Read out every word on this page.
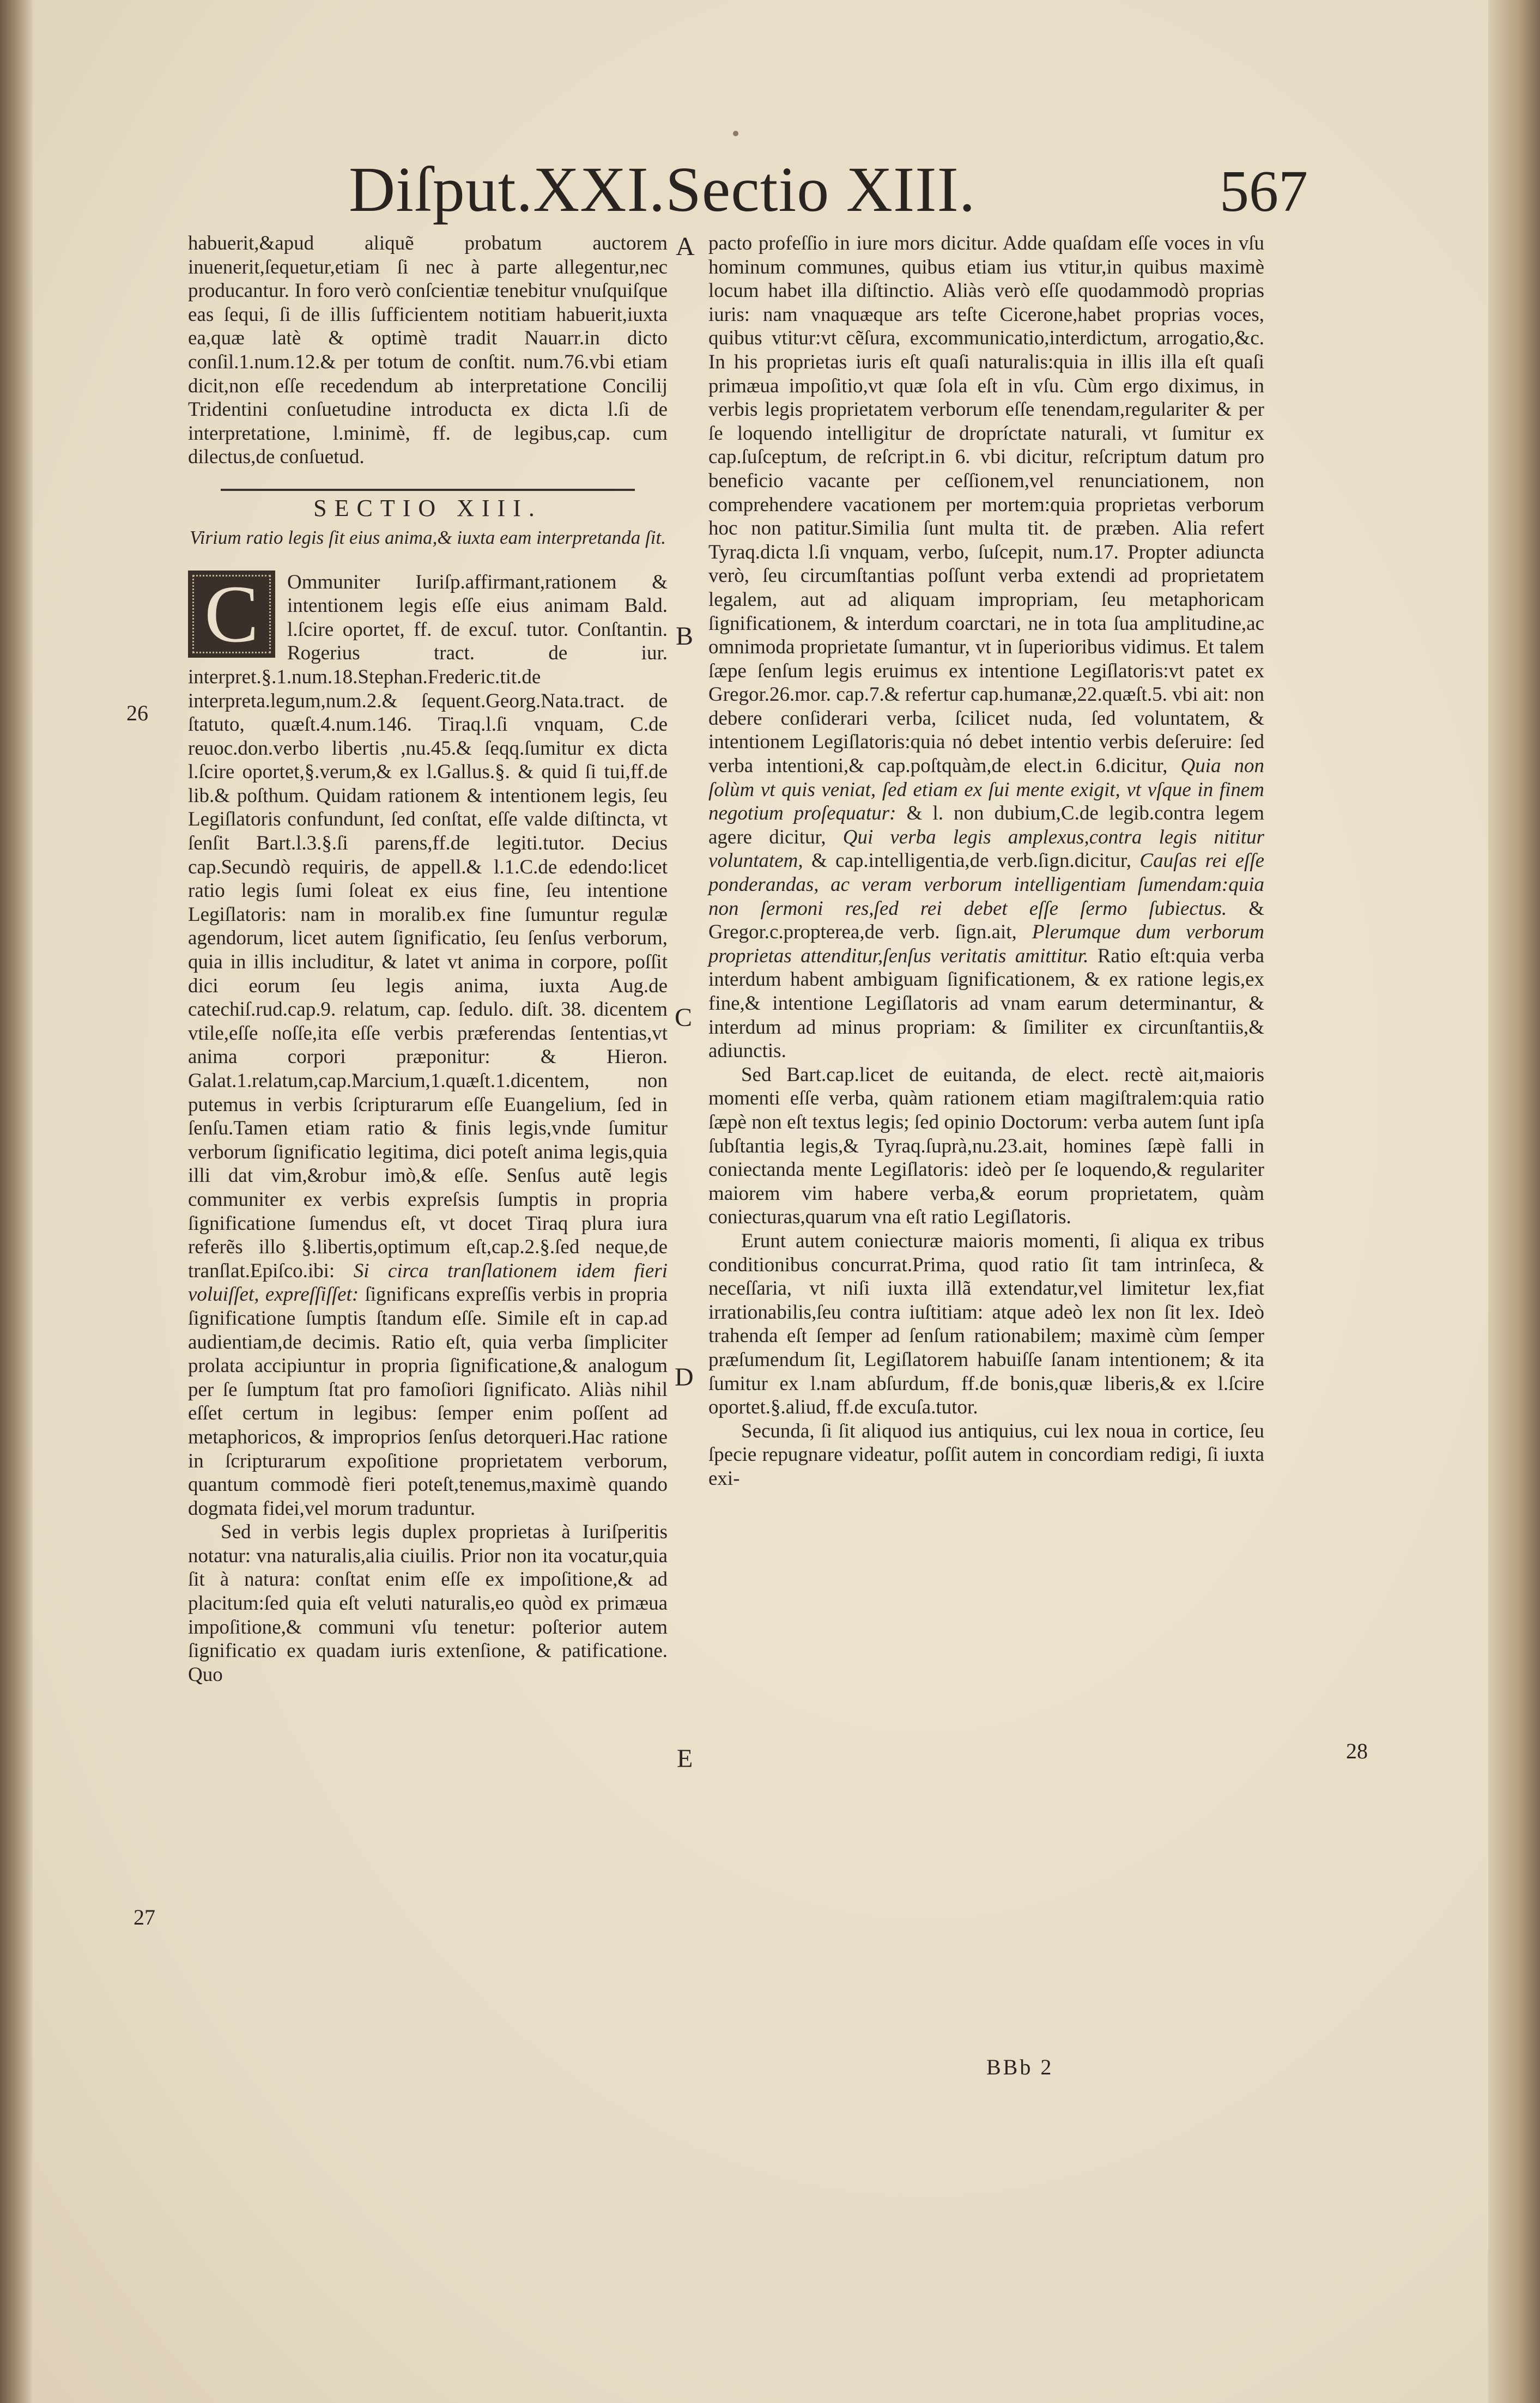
Diſput.XXI.Sectio XIII.	567
26
27
28
A
B
C
D
E

habuerit,&apud aliquẽ probatum auctorem inuenerit,ſequetur,etiam ſi nec à parte allegentur,nec producantur. In foro verò conſcientiæ tenebitur vnuſquiſque eas ſequi, ſi de illis ſufficientem notitiam habuerit,iuxta ea,quæ latè & optimè tradit Nauarr.in dicto conſil.1.num.12.& per totum de conſtit. num.76.vbi etiam dicit,non eſſe recedendum ab interpretatione Concilij Tridentini conſuetudine introducta ex dicta l.ſi de interpretatione, l.minimè, ff. de legibus,cap. cum dilectus,de conſuetud.

SECTIO XIII.
Virium ratio legis ſit eius anima,& iuxta eam interpretanda ſit.

C	Ommuniter Iuriſp.affirmant,rationem & intentionem legis eſſe eius animam Bald. l.ſcire oportet, ff. de excuſ. tutor. Conſtantin. Rogerius tract. de iur. interpret.§.1.num.18.Stephan.Frederic.tit.de interpreta.legum,num.2.& ſequent.Georg.Nata.tract. de ſtatuto, quæſt.4.num.146. Tiraq.l.ſi vnquam, C.de reuoc.don.verbo libertis ,nu.45.& ſeqq.ſumitur ex dicta l.ſcire oportet,§.verum,& ex l.Gallus.§. & quid ſi tui,ff.de lib.& poſthum. Quidam rationem & intentionem legis, ſeu Legiſlatoris confundunt, ſed conſtat, eſſe valde diſtincta, vt ſenſit Bart.l.3.§.ſi parens,ff.de legiti.tutor. Decius cap.Secundò requiris, de appell.& l.1.C.de edendo:licet ratio legis ſumi ſoleat ex eius fine, ſeu intentione Legiſlatoris: nam in moralib.ex fine ſumuntur regulæ agendorum, licet autem ſignificatio, ſeu ſenſus verborum, quia in illis includitur, & latet vt anima in corpore, poſſit dici eorum ſeu legis anima, iuxta Aug.de catechiſ.rud.cap.9. relatum, cap. ſedulo. diſt. 38. dicentem vtile,eſſe noſſe,ita eſſe verbis præferendas ſententias,vt anima corpori præponitur: & Hieron. Galat.1.relatum,cap.Marcium,1.quæſt.1.dicentem, non putemus in verbis ſcripturarum eſſe Euangelium, ſed in ſenſu.Tamen etiam ratio & finis legis,vnde ſumitur verborum ſignificatio legitima, dici poteſt anima legis,quia illi dat vim,&robur imò,& eſſe. Senſus autẽ legis communiter ex verbis expreſsis ſumptis in propria ſignificatione ſumendus eſt, vt docet Tiraq plura iura referẽs illo §.libertis,optimum eſt,cap.2.§.ſed neque,de tranſlat.Epiſco.ibi: Si circa tranſlationem idem fieri voluiſſet, expreſſiſſet: ſignificans expreſſis verbis in propria ſignificatione ſumptis ſtandum eſſe. Simile eſt in cap.ad audientiam,de decimis. Ratio eſt, quia verba ſimpliciter prolata accipiuntur in propria ſignificatione,& analogum per ſe ſumptum ſtat pro famoſiori ſignificato. Aliàs nihil eſſet certum in legibus: ſemper enim poſſent ad metaphoricos, & improprios ſenſus detorqueri.Hac ratione in ſcripturarum expoſitione proprietatem verborum, quantum commodè fieri poteſt,tenemus,maximè quando dogmata fidei,vel morum traduntur.

Sed in verbis legis duplex proprietas à Iuriſperitis notatur: vna naturalis,alia ciuilis. Prior non ita vocatur,quia ſit à natura: conſtat enim eſſe ex impoſitione,& ad placitum:ſed quia eſt veluti naturalis,eo quòd ex primæua impoſitione,& communi vſu tenetur: poſterior autem ſignificatio ex quadam iuris extenſione, & patificatione. Quo

pacto profeſſio in iure mors dicitur. Adde quaſdam eſſe voces in vſu hominum communes, quibus etiam ius vtitur,in quibus maximè locum habet illa diſtinctio. Aliàs verò eſſe quodammodò proprias iuris: nam vnaquæque ars teſte Cicerone,habet proprias voces, quibus vtitur:vt cẽſura, excommunicatio,interdictum, arrogatio,&c. In his proprietas iuris eſt quaſi naturalis:quia in illis illa eſt quaſi primæua impoſitio,vt quæ ſola eſt in vſu. Cùm ergo diximus, in verbis legis proprietatem verborum eſſe tenendam,regulariter & per ſe loquendo intelligitur de dropríctate naturali, vt ſumitur ex cap.ſuſceptum, de reſcript.in 6. vbi dicitur, reſcriptum datum pro beneficio vacante per ceſſionem,vel renunciationem, non comprehendere vacationem per mortem:quia proprietas verborum hoc non patitur.Similia ſunt multa tit. de præben. Alia refert Tyraq.dicta l.ſi vnquam, verbo, ſuſcepit, num.17. Propter adiuncta verò, ſeu circumſtantias poſſunt verba extendi ad proprietatem legalem, aut ad aliquam impropriam, ſeu metaphoricam ſignificationem, & interdum coarctari, ne in tota ſua amplitudine,ac omnimoda proprietate ſumantur, vt in ſuperioribus vidimus. Et talem ſæpe ſenſum legis eruimus ex intentione Legiſlatoris:vt patet ex Gregor.26.mor. cap.7.& refertur cap.humanæ,22.quæſt.5. vbi ait: non debere conſiderari verba, ſcilicet nuda, ſed voluntatem, & intentionem Legiſlatoris:quia nó debet intentio verbis deſeruire: ſed verba intentioni,& cap.poſtquàm,de elect.in 6.dicitur, Quia non ſolùm vt quis veniat, ſed etiam ex ſui mente exigit, vt vſque in finem negotium proſequatur: & l. non dubium,C.de legib.contra legem agere dicitur, Qui verba legis amplexus,contra legis nititur voluntatem, & cap.intelligentia,de verb.ſign.dicitur, Cauſas rei eſſe ponderandas, ac veram verborum intelligentiam ſumendam:quia non ſermoni res,ſed rei debet eſſe ſermo ſubiectus. & Gregor.c.propterea,de verb. ſign.ait, Plerumque dum verborum proprietas attenditur,ſenſus veritatis amittitur. Ratio eſt:quia verba interdum habent ambiguam ſignificationem, & ex ratione legis,ex fine,& intentione Legiſlatoris ad vnam earum determinantur, & interdum ad minus propriam: & ſimiliter ex circunſtantiis,& adiunctis.

Sed Bart.cap.licet de euitanda, de elect. rectè ait,maioris momenti eſſe verba, quàm rationem etiam magiſtralem:quia ratio ſæpè non eſt textus legis; ſed opinio Doctorum: verba autem ſunt ipſa ſubſtantia legis,& Tyraq.ſuprà,nu.23.ait, homines ſæpè falli in coniectanda mente Legiſlatoris: ideò per ſe loquendo,& regulariter maiorem vim habere verba,& eorum proprietatem, quàm coniecturas,quarum vna eſt ratio Legiſlatoris.

Erunt autem coniecturæ maioris momenti, ſi aliqua ex tribus conditionibus concurrat.Prima, quod ratio ſit tam intrinſeca, & neceſſaria, vt niſi iuxta illã extendatur,vel limitetur lex,fiat irrationabilis,ſeu contra iuſtitiam: atque adeò lex non ſit lex. Ideò trahenda eſt ſemper ad ſenſum rationabilem; maximè cùm ſemper præſumendum ſit, Legiſlatorem habuiſſe ſanam intentionem; & ita ſumitur ex l.nam abſurdum, ff.de bonis,quæ liberis,& ex l.ſcire oportet.§.aliud, ff.de excuſa.tutor.

Secunda, ſi ſit aliquod ius antiquius, cui lex noua in cortice, ſeu ſpecie repugnare videatur, poſſit autem in concordiam redigi, ſi iuxta exi-

BBb 2
